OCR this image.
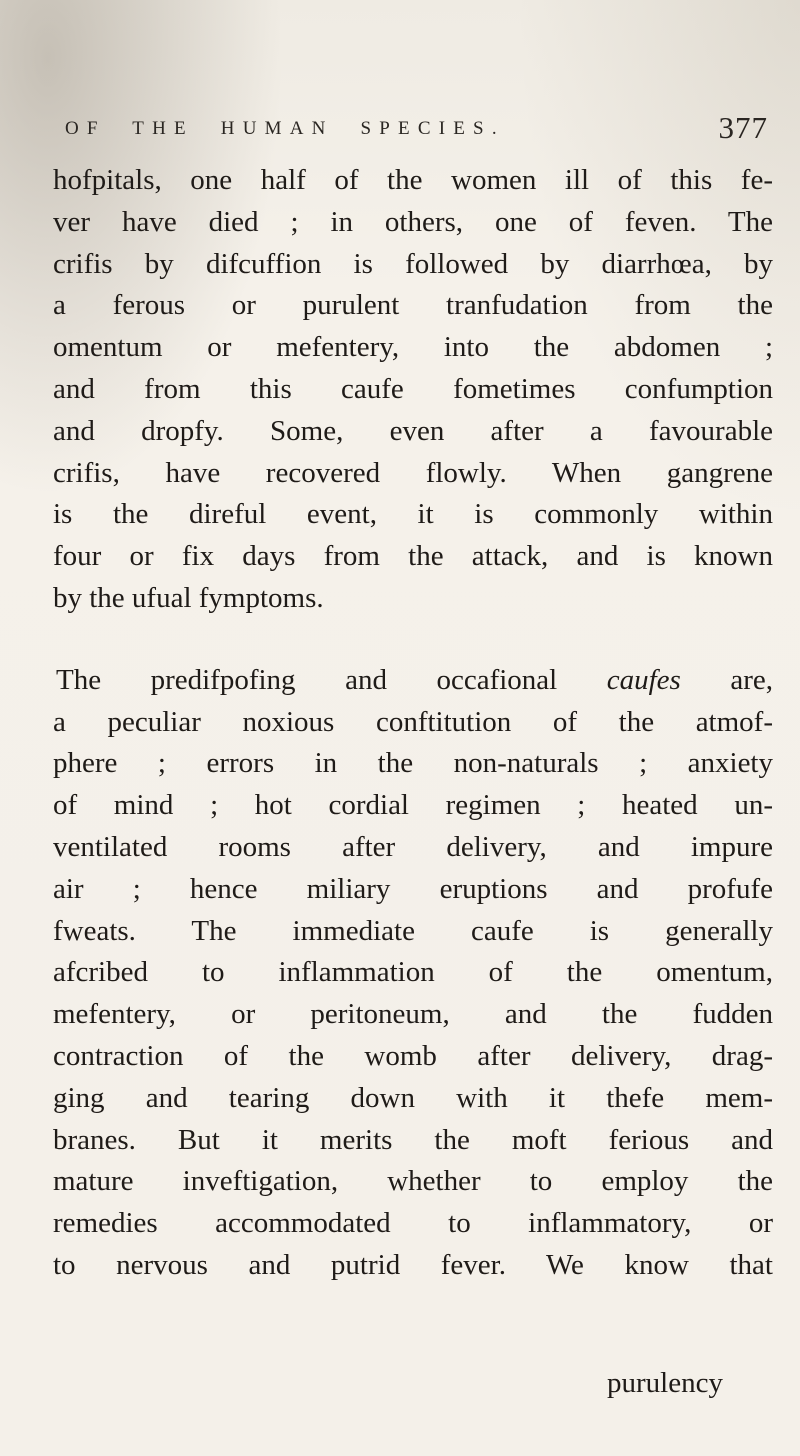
OF THE HUMAN SPECIES.	377
hofpitals, one half of the women ill of this fe-
ver have died ; in others, one of feven. The
crifis by difcuffion is followed by diarrhœa, by
a ferous or purulent tranfudation from the
omentum or mefentery, into the abdomen ;
and from this caufe fometimes confumption
and dropfy. Some, even after a favourable
crifis, have recovered flowly. When gangrene
is the direful event, it is commonly within
four or fix days from the attack, and is known
by the ufual fymptoms.
The predifpofing and occafional caufes are,
a peculiar noxious conftitution of the atmof-
phere ; errors in the non-naturals ; anxiety
of mind ; hot cordial regimen ; heated un-
ventilated rooms after delivery, and impure
air ; hence miliary eruptions and profufe
fweats. The immediate caufe is generally
afcribed to inflammation of the omentum,
mefentery, or peritoneum, and the fudden
contraction of the womb after delivery, drag-
ging and tearing down with it thefe mem-
branes. But it merits the moft ferious and
mature inveftigation, whether to employ the
remedies accommodated to inflammatory, or
to nervous and putrid fever. We know that
purulency
